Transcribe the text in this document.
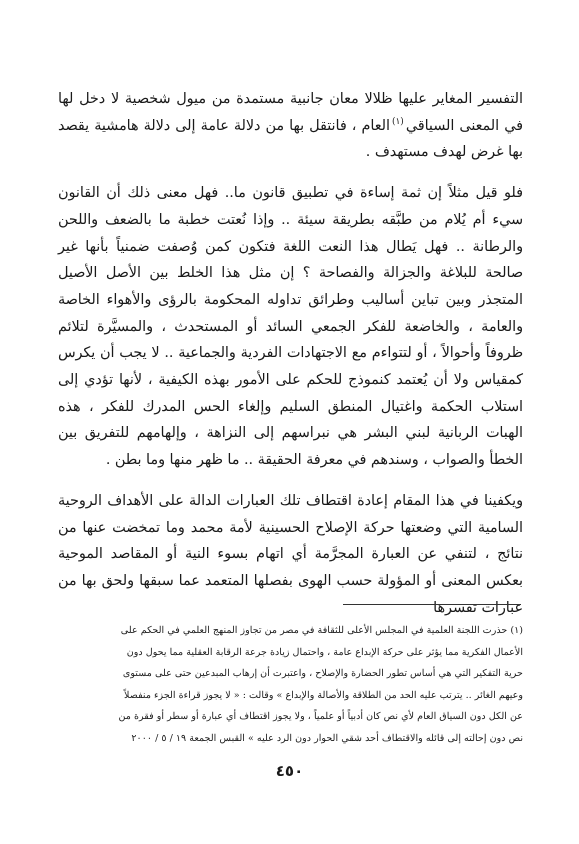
التفسير المغاير عليها ظلالا معان جانبية مستمدة من ميول شخصية لا دخل لها في المعنى السياقي$^{(١)}$العام ، فانتقل بها من دلالة عامة إلى دلالة هامشية يقصد بها غرض لهدف مستهدف .

فلو قيل مثلاً إن ثمة إساءة في تطبيق قانون ما.. فهل معنى ذلك أن القانون سيء أم يُلام من طبَّقه بطريقة سيئة .. وإذا نُعتت خطبة ما بالضعف واللحن والرطانة .. فهل يَطال هذا النعت اللغة فتكون كمن وُصفت ضمنياً بأنها غير صالحة للبلاغة والجزالة والفصاحة ؟ إن مثل هذا الخلط بين الأصل الأصيل المتجذر وبين تباين أساليب وطرائق تداوله المحكومة بالرؤى والأهواء الخاصة والعامة ، والخاضعة للفكر الجمعي السائد أو المستحدث ، والمسيَّرة لتلائم ظروفاً وأحوالاً ، أو لتتواءم مع الاجتهادات الفردية والجماعية .. لا يجب أن يكرس كمقياس ولا أن يُعتمد كنموذج للحكم على الأمور بهذه الكيفية ، لأنها تؤدي إلى استلاب الحكمة واغتيال المنطق السليم وإلغاء الحس المدرك للفكر ، هذه الهبات الربانية لبني البشر هي نبراسهم إلى النزاهة ، وإلهامهم للتفريق بين الخطأ والصواب ، وسندهم في معرفة الحقيقة .. ما ظهر منها وما بطن .

ويكفينا في هذا المقام إعادة اقتطاف تلك العبارات الدالة على الأهداف الروحية السامية التي وضعتها حركة الإصلاح الحسينية لأمة محمد وما تمخضت عنها من نتائج ، لتنفي عن العبارة المجرَّمة أي اتهام بسوء النية أو المقاصد الموحية بعكس المعنى أو المؤولة حسب الهوى بفصلها المتعمد عما سبقها ولحق بها من عبارات تفسرها

(١) حذرت اللجنة العلمية في المجلس الأعلى للثقافة في مصر من تجاوز المنهج العلمي في الحكم على

الأعمال الفكرية مما يؤثر على حركة الإبداع عامة ، واحتمال زيادة جرعة الرقابة العقلية مما يحول دون

حرية التفكير التي هي أساس تطور الحضارة والإصلاح ، واعتبرت أن إرهاب المبدعين حتى على مستوى

وعيهم الغائر .. يترتب عليه الحد من الطلاقة والأصالة والإبداع » وقالت : « لا يجوز قراءة الجزء منفصلاً

عن الكل دون السياق العام لأي نص كان أدبياً أو علمياً ، ولا يجوز اقتطاف أي عبارة أو سطر أو فقرة من

نص دون إحالته إلى قائله والاقتطاف أحد شقي الحوار دون الرد عليه » القبس الجمعة ١٩ / ٥ / ٢٠٠٠

٤٥٠
